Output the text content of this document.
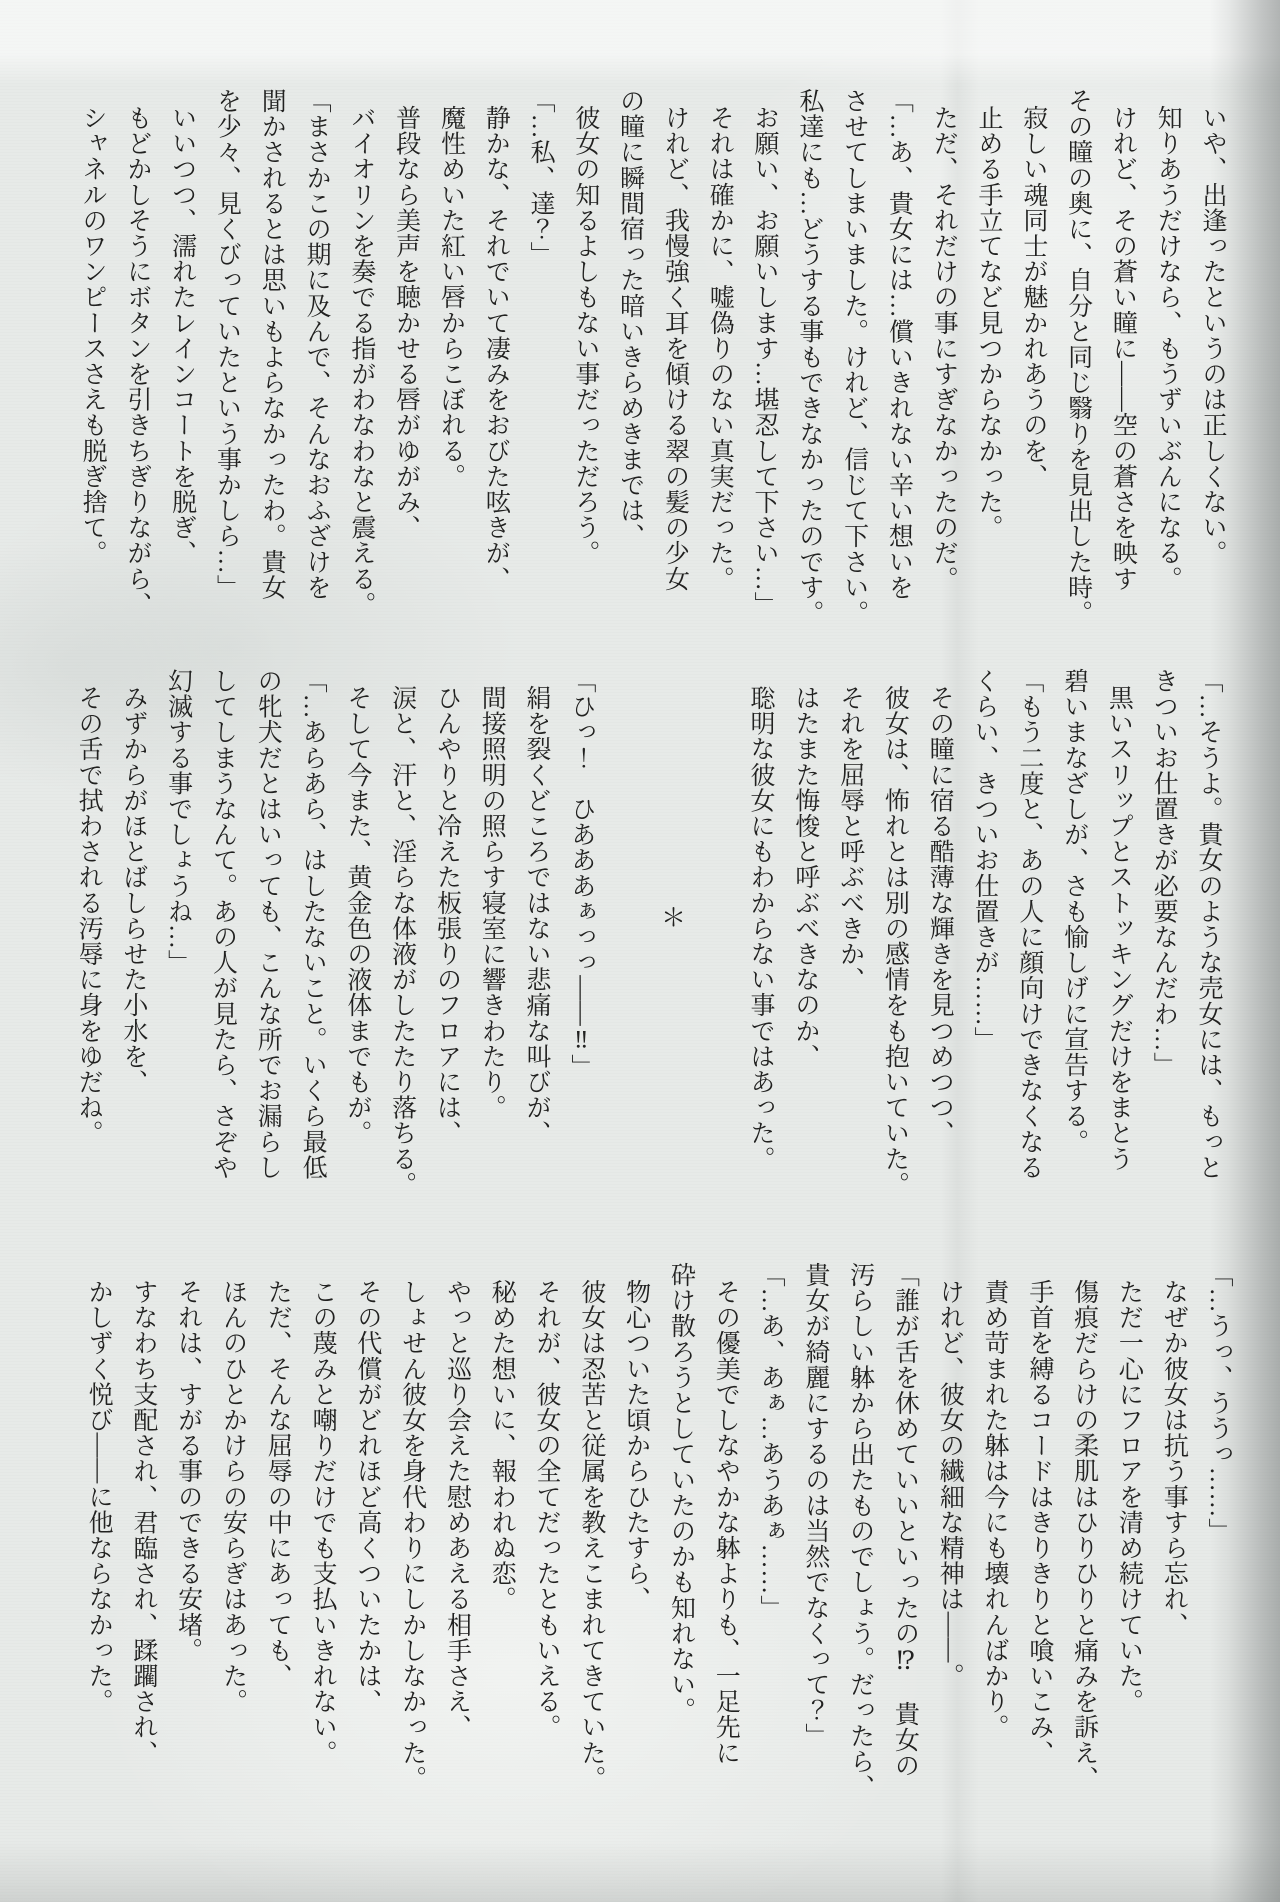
いや、出逢ったというのは正しくない。

知りあうだけなら、もうずいぶんになる。

けれど、その蒼い瞳に――空の蒼さを映す

その瞳の奥に、自分と同じ翳りを見出した時。

寂しい魂同士が魅かれあうのを、

止める手立てなど見つからなかった。

ただ、それだけの事にすぎなかったのだ。

「…あ、貴女には…償いきれない辛い想いを

させてしまいました。けれど、信じて下さい。

私達にも…どうする事もできなかったのです。

お願い、お願いします…堪忍して下さい…」

それは確かに、嘘偽りのない真実だった。

けれど、我慢強く耳を傾ける翠の髪の少女

の瞳に瞬間宿った暗いきらめきまでは、

彼女の知るよしもない事だっただろう。

「…私、達？」

静かな、それでいて凄みをおびた呟きが、

魔性めいた紅い唇からこぼれる。

普段なら美声を聴かせる唇がゆがみ、

バイオリンを奏でる指がわなわなと震える。

「まさかこの期に及んで、そんなおふざけを

聞かされるとは思いもよらなかったわ。貴女

を少々、見くびっていたという事かしら…」

いいつつ、濡れたレインコートを脱ぎ、

もどかしそうにボタンを引きちぎりながら、

シャネルのワンピースさえも脱ぎ捨て。

「…そうよ。貴女のような売女には、もっと

きついお仕置きが必要なんだわ…」

黒いスリップとストッキングだけをまとう

碧いまなざしが、さも愉しげに宣告する。

「もう二度と、あの人に顔向けできなくなる

くらい、きついお仕置きが……」

その瞳に宿る酷薄な輝きを見つめつつ、

彼女は、怖れとは別の感情をも抱いていた。

それを屈辱と呼ぶべきか、

はたまた悔悛と呼ぶべきなのか、

聡明な彼女にもわからない事ではあった。

＊

「ひっ！　ひあああぁっっ――‼」

絹を裂くどころではない悲痛な叫びが、

間接照明の照らす寝室に響きわたり。

ひんやりと冷えた板張りのフロアには、

涙と、汗と、淫らな体液がしたたり落ちる。

そして今また、黄金色の液体までもが。

「…あらあら、はしたないこと。いくら最低

の牝犬だとはいっても、こんな所でお漏らし

してしまうなんて。あの人が見たら、さぞや

幻滅する事でしょうね…」

みずからがほとばしらせた小水を、

その舌で拭わされる汚辱に身をゆだね。

「…うっ、ううっ……」

なぜか彼女は抗う事すら忘れ、

ただ一心にフロアを清め続けていた。

傷痕だらけの柔肌はひりひりと痛みを訴え、

手首を縛るコードはきりきりと喰いこみ、

責め苛まれた躰は今にも壊れんばかり。

けれど、彼女の繊細な精神は――。

「誰が舌を休めていいといったの⁉　貴女の

汚らしい躰から出たものでしょう。だったら、

貴女が綺麗にするのは当然でなくって？」

「…あ、あぁ…あうあぁ……」

その優美でしなやかな躰よりも、一足先に

砕け散ろうとしていたのかも知れない。

物心ついた頃からひたすら、

彼女は忍苦と従属を教えこまれてきていた。

それが、彼女の全てだったともいえる。

秘めた想いに、報われぬ恋。

やっと巡り会えた慰めあえる相手さえ、

しょせん彼女を身代わりにしかしなかった。

その代償がどれほど高くついたかは、

この蔑みと嘲りだけでも支払いきれない。

ただ、そんな屈辱の中にあっても、

ほんのひとかけらの安らぎはあった。

それは、すがる事のできる安堵。

すなわち支配され、君臨され、蹂躙され、

かしずく悦び――に他ならなかった。
